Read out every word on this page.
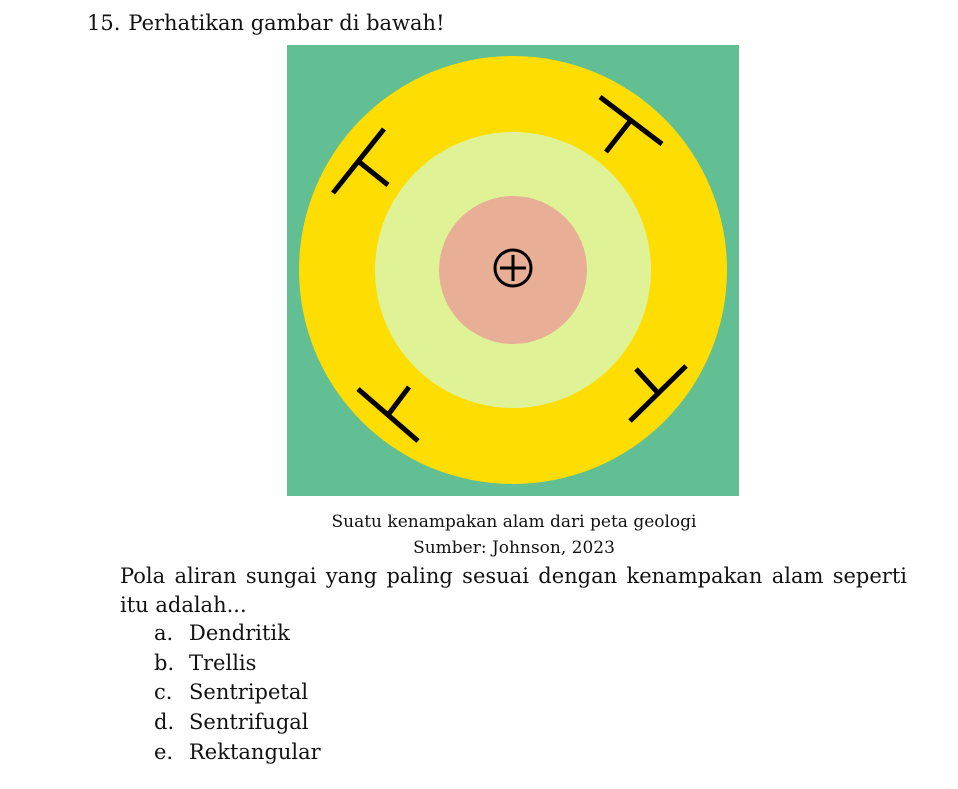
15. Perhatikan gambar di bawah!
Suatu kenampakan alam dari peta geologi
Sumber: Johnson, 2023
Pola aliran sungai yang paling sesuai dengan kenampakan alam seperti itu adalah...
a. Dendritik
b. Trellis
c. Sentripetal
d. Sentrifugal
e. Rektangular
